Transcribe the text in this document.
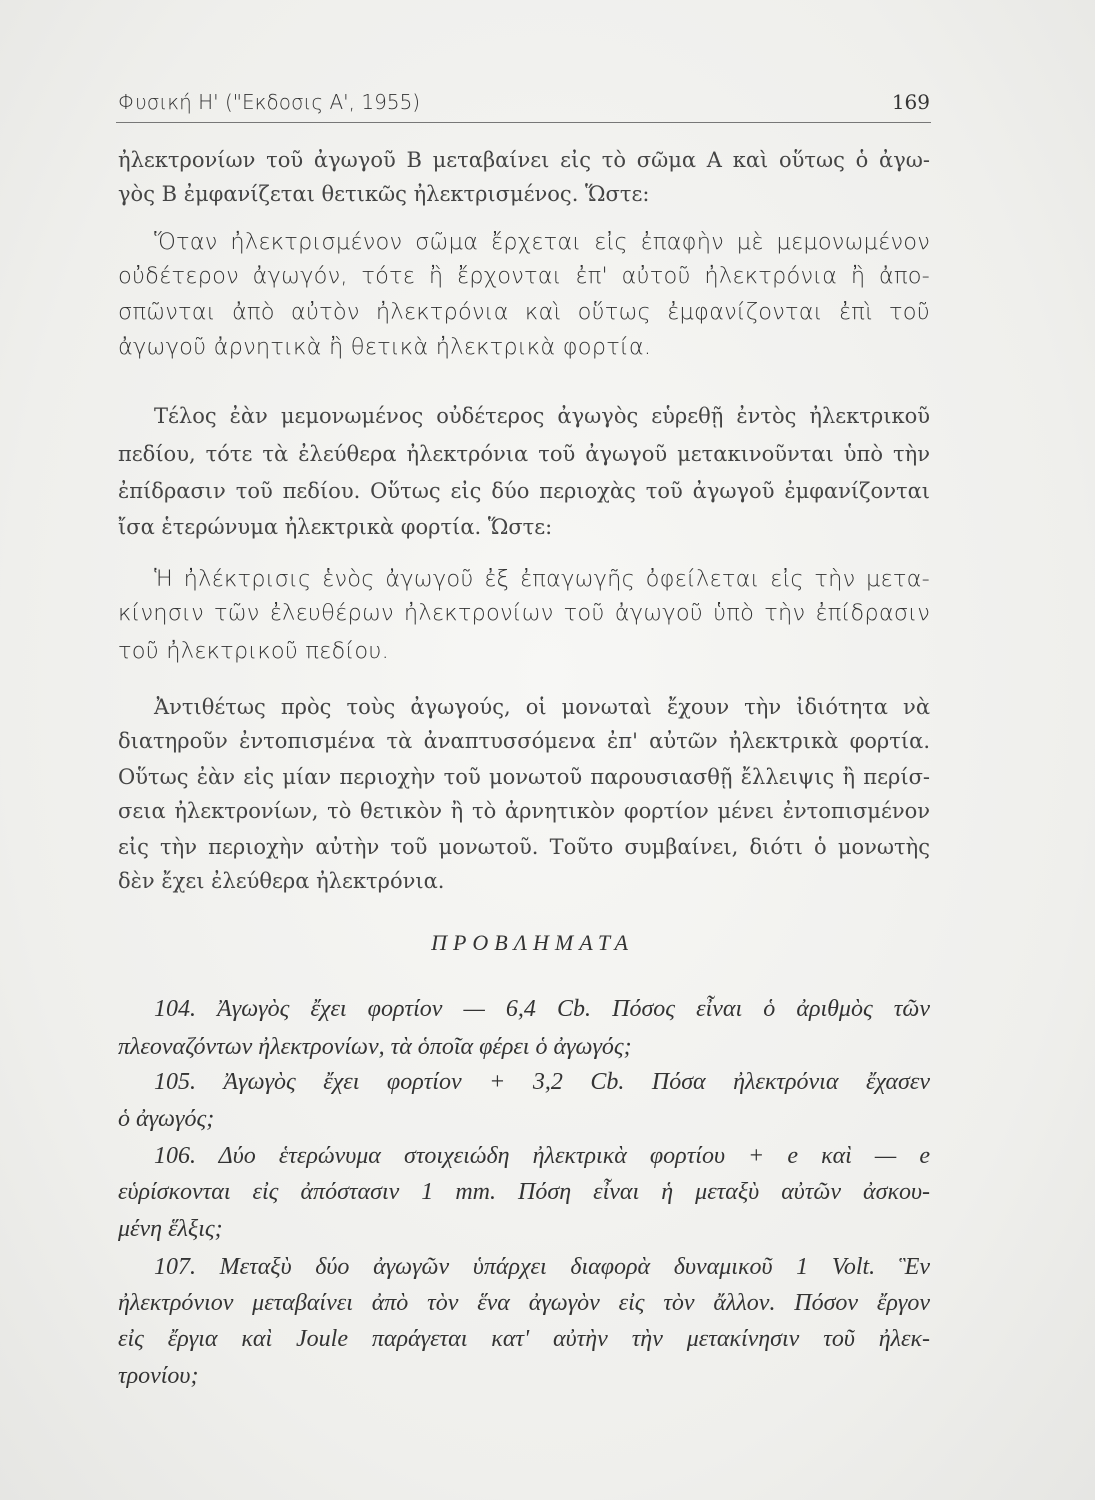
Φυσική Η' ("Εκδοσις Α', 1955)	169
ΠΡΟΒΛΗΜΑΤΑ
ἠλεκτρονίων τοῦ ἀγωγοῦ Β μεταβαίνει εἰς τὸ σῶμα Α καὶ οὕτως ὁ ἀγω-
γὸς Β ἐμφανίζεται θετικῶς ἠλεκτρισμένος. Ὥστε:
Ὅταν ἠλεκτρισμένον σῶμα ἔρχεται εἰς ἐπαφὴν μὲ μεμονωμένον
οὐδέτερον ἀγωγόν, τότε ἢ ἔρχονται ἐπ' αὐτοῦ ἠλεκτρόνια ἢ ἀπο-
σπῶνται ἀπὸ αὐτὸν ἠλεκτρόνια καὶ οὕτως ἐμφανίζονται ἐπὶ τοῦ
ἀγωγοῦ ἀρνητικὰ ἢ θετικὰ ἠλεκτρικὰ φορτία.
Τέλος ἐὰν μεμονωμένος οὐδέτερος ἀγωγὸς εὑρεθῇ ἐντὸς ἠλεκτρικοῦ
πεδίου, τότε τὰ ἐλεύθερα ἠλεκτρόνια τοῦ ἀγωγοῦ μετακινοῦνται ὑπὸ τὴν
ἐπίδρασιν τοῦ πεδίου. Οὕτως εἰς δύο περιοχὰς τοῦ ἀγωγοῦ ἐμφανίζονται
ἴσα ἑτερώνυμα ἠλεκτρικὰ φορτία. Ὥστε:
Ἡ ἠλέκτρισις ἑνὸς ἀγωγοῦ ἐξ ἐπαγωγῆς ὀφείλεται εἰς τὴν μετα-
κίνησιν τῶν ἐλευθέρων ἠλεκτρονίων τοῦ ἀγωγοῦ ὑπὸ τὴν ἐπίδρασιν
τοῦ ἠλεκτρικοῦ πεδίου.
Ἀντιθέτως πρὸς τοὺς ἀγωγούς, οἱ μονωταὶ ἔχουν τὴν ἰδιότητα νὰ
διατηροῦν ἐντοπισμένα τὰ ἀναπτυσσόμενα ἐπ' αὐτῶν ἠλεκτρικὰ φορτία.
Οὕτως ἐὰν εἰς μίαν περιοχὴν τοῦ μονωτοῦ παρουσιασθῇ ἔλλειψις ἢ περίσ-
σεια ἠλεκτρονίων, τὸ θετικὸν ἢ τὸ ἀρνητικὸν φορτίον μένει ἐντοπισμένον
εἰς τὴν περιοχὴν αὐτὴν τοῦ μονωτοῦ. Τοῦτο συμβαίνει, διότι ὁ μονωτὴς
δὲν ἔχει ἐλεύθερα ἠλεκτρόνια.
104. Ἀγωγὸς ἔχει φορτίον — 6,4 Cb. Πόσος εἶναι ὁ ἀριθμὸς τῶν
πλεοναζόντων ἠλεκτρονίων, τὰ ὁποῖα φέρει ὁ ἀγωγός;
105. Ἀγωγὸς ἔχει φορτίον + 3,2 Cb. Πόσα ἠλεκτρόνια ἔχασεν
ὁ ἀγωγός;
106. Δύο ἑτερώνυμα στοιχειώδη ἠλεκτρικὰ φορτίου + e καὶ — e
εὑρίσκονται εἰς ἀπόστασιν 1 mm. Πόση εἶναι ἡ μεταξὺ αὐτῶν ἀσκου-
μένη ἕλξις;
107. Μεταξὺ δύο ἀγωγῶν ὑπάρχει διαφορὰ δυναμικοῦ 1 Volt. Ἓν
ἠλεκτρόνιον μεταβαίνει ἀπὸ τὸν ἕνα ἀγωγὸν εἰς τὸν ἄλλον. Πόσον ἔργον
εἰς ἔργια καὶ Joule παράγεται κατ' αὐτὴν τὴν μετακίνησιν τοῦ ἠλεκ-
τρονίου;
